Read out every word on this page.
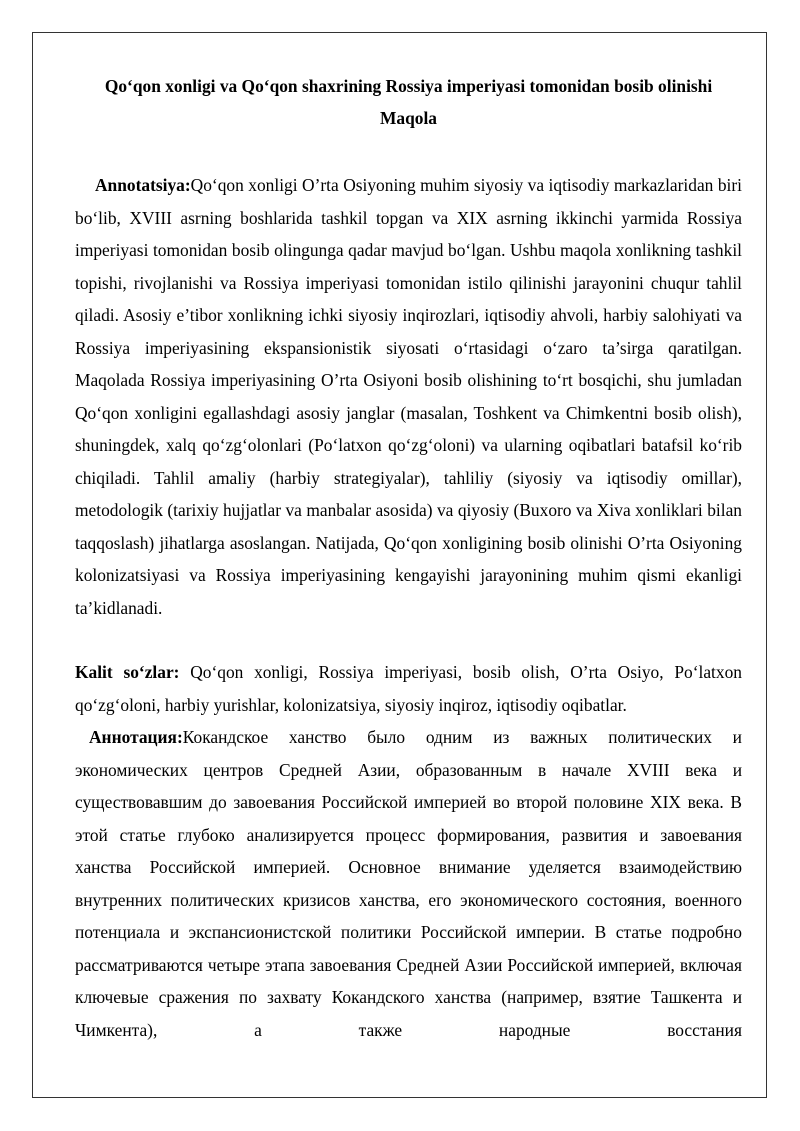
Qo‘qon xonligi va Qo‘qon shaxrining Rossiya imperiyasi tomonidan bosib olinishi
Maqola

Annotatsiya:Qo‘qon xonligi O’rta Osiyoning muhim siyosiy va iqtisodiy markazlaridan biri bo‘lib, XVIII asrning boshlarida tashkil topgan va XIX asrning ikkinchi yarmida Rossiya imperiyasi tomonidan bosib olingunga qadar mavjud bo‘lgan. Ushbu maqola xonlikning tashkil topishi, rivojlanishi va Rossiya imperiyasi tomonidan istilo qilinishi jarayonini chuqur tahlil qiladi. Asosiy e’tibor xonlikning ichki siyosiy inqirozlari, iqtisodiy ahvoli, harbiy salohiyati va Rossiya imperiyasining ekspansionistik siyosati o‘rtasidagi o‘zaro ta’sirga qaratilgan. Maqolada Rossiya imperiyasining O’rta Osiyoni bosib olishining to‘rt bosqichi, shu jumladan Qo‘qon xonligini egallashdagi asosiy janglar (masalan, Toshkent va Chimkentni bosib olish), shuningdek, xalq qo‘zg‘olonlari (Po‘latxon qo‘zg‘oloni) va ularning oqibatlari batafsil ko‘rib chiqiladi. Tahlil amaliy (harbiy strategiyalar), tahliliy (siyosiy va iqtisodiy omillar), metodologik (tarixiy hujjatlar va manbalar asosida) va qiyosiy (Buxoro va Xiva xonliklari bilan taqqoslash) jihatlarga asoslangan. Natijada, Qo‘qon xonligining bosib olinishi O’rta Osiyoning kolonizatsiyasi va Rossiya imperiyasining kengayishi jarayonining muhim qismi ekanligi ta’kidlanadi.

Kalit so‘zlar: Qo‘qon xonligi, Rossiya imperiyasi, bosib olish, O’rta Osiyo, Po‘latxon qo‘zg‘oloni, harbiy yurishlar, kolonizatsiya, siyosiy inqiroz, iqtisodiy oqibatlar.

Аннотация:Кокандское ханство было одним из важных политических и экономических центров Средней Азии, образованным в начале XVIII века и существовавшим до завоевания Российской империей во второй половине XIX века. В этой статье глубоко анализируется процесс формирования, развития и завоевания ханства Российской империей. Основное внимание уделяется взаимодействию внутренних политических кризисов ханства, его экономического состояния, военного потенциала и экспансионистской политики Российской империи. В статье подробно рассматриваются четыре этапа завоевания Средней Азии Российской империей, включая ключевые сражения по захвату Кокандского ханства (например, взятие Ташкента и Чимкента), а также народные восстания
